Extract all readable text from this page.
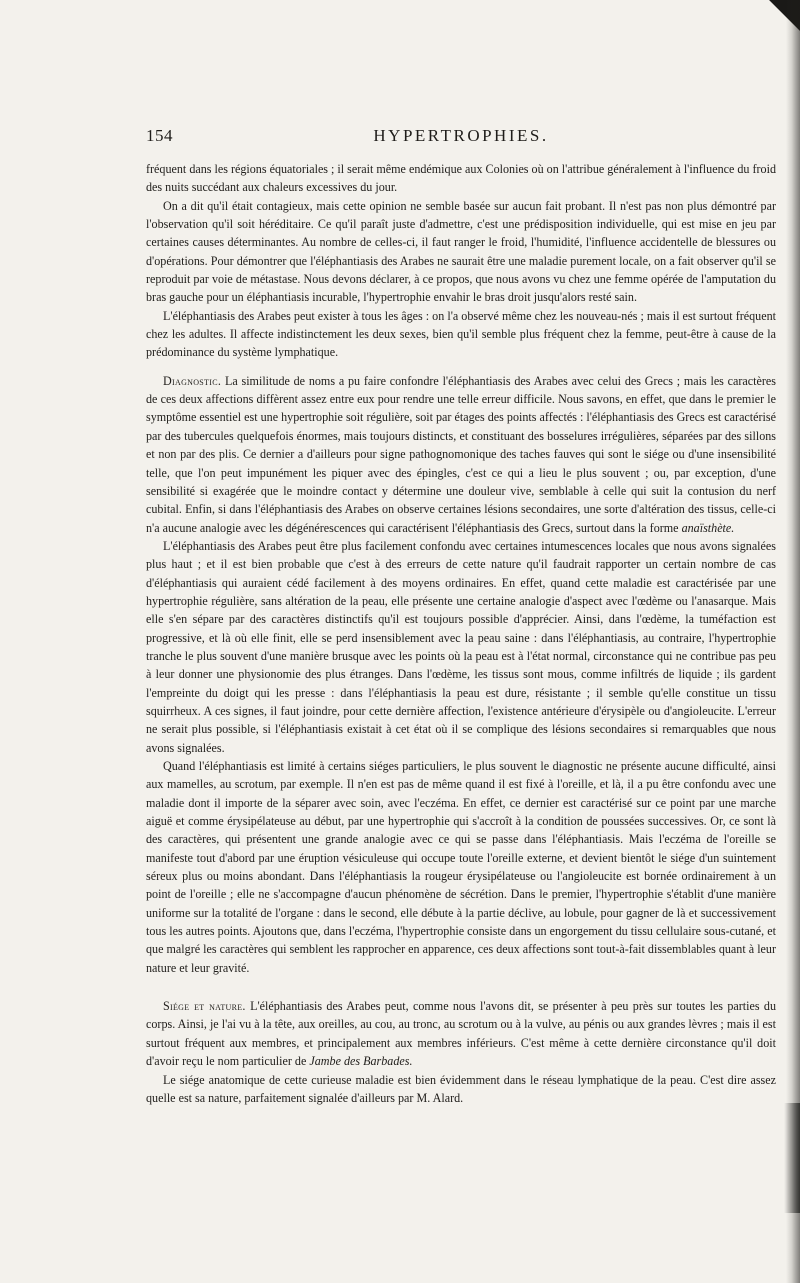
154	HYPERTROPHIES.

fréquent dans les régions équatoriales ; il serait même endémique aux Colonies où on l'attribue généralement à l'influence du froid des nuits succédant aux chaleurs excessives du jour.

On a dit qu'il était contagieux, mais cette opinion ne semble basée sur aucun fait probant. Il n'est pas non plus démontré par l'observation qu'il soit héréditaire. Ce qu'il paraît juste d'admettre, c'est une prédisposition individuelle, qui est mise en jeu par certaines causes déterminantes. Au nombre de celles-ci, il faut ranger le froid, l'humidité, l'influence accidentelle de blessures ou d'opérations. Pour démontrer que l'éléphantiasis des Arabes ne saurait être une maladie purement locale, on a fait observer qu'il se reproduit par voie de métastase. Nous devons déclarer, à ce propos, que nous avons vu chez une femme opérée de l'amputation du bras gauche pour un éléphantiasis incurable, l'hypertrophie envahir le bras droit jusqu'alors resté sain.

L'éléphantiasis des Arabes peut exister à tous les âges : on l'a observé même chez les nouveau-nés ; mais il est surtout fréquent chez les adultes. Il affecte indistinctement les deux sexes, bien qu'il semble plus fréquent chez la femme, peut-être à cause de la prédominance du système lymphatique.

Diagnostic. La similitude de noms a pu faire confondre l'éléphantiasis des Arabes avec celui des Grecs ; mais les caractères de ces deux affections diffèrent assez entre eux pour rendre une telle erreur difficile. Nous savons, en effet, que dans le premier le symptôme essentiel est une hypertrophie soit régulière, soit par étages des points affectés : l'éléphantiasis des Grecs est caractérisé par des tubercules quelquefois énormes, mais toujours distincts, et constituant des bosselures irrégulières, séparées par des sillons et non par des plis. Ce dernier a d'ailleurs pour signe pathognomonique des taches fauves qui sont le siége ou d'une insensibilité telle, que l'on peut impunément les piquer avec des épingles, c'est ce qui a lieu le plus souvent ; ou, par exception, d'une sensibilité si exagérée que le moindre contact y détermine une douleur vive, semblable à celle qui suit la contusion du nerf cubital. Enfin, si dans l'éléphantiasis des Arabes on observe certaines lésions secondaires, une sorte d'altération des tissus, celle-ci n'a aucune analogie avec les dégénérescences qui caractérisent l'éléphantiasis des Grecs, surtout dans la forme anaïsthète.

L'éléphantiasis des Arabes peut être plus facilement confondu avec certaines intumescences locales que nous avons signalées plus haut ; et il est bien probable que c'est à des erreurs de cette nature qu'il faudrait rapporter un certain nombre de cas d'éléphantiasis qui auraient cédé facilement à des moyens ordinaires. En effet, quand cette maladie est caractérisée par une hypertrophie régulière, sans altération de la peau, elle présente une certaine analogie d'aspect avec l'œdème ou l'anasarque. Mais elle s'en sépare par des caractères distinctifs qu'il est toujours possible d'apprécier. Ainsi, dans l'œdème, la tuméfaction est progressive, et là où elle finit, elle se perd insensiblement avec la peau saine : dans l'éléphantiasis, au contraire, l'hypertrophie tranche le plus souvent d'une manière brusque avec les points où la peau est à l'état normal, circonstance qui ne contribue pas peu à leur donner une physionomie des plus étranges. Dans l'œdème, les tissus sont mous, comme infiltrés de liquide ; ils gardent l'empreinte du doigt qui les presse : dans l'éléphantiasis la peau est dure, résistante ; il semble qu'elle constitue un tissu squirrheux. A ces signes, il faut joindre, pour cette dernière affection, l'existence antérieure d'érysipèle ou d'angioleucite. L'erreur ne serait plus possible, si l'éléphantiasis existait à cet état où il se complique des lésions secondaires si remarquables que nous avons signalées.

Quand l'éléphantiasis est limité à certains siéges particuliers, le plus souvent le diagnostic ne présente aucune difficulté, ainsi aux mamelles, au scrotum, par exemple. Il n'en est pas de même quand il est fixé à l'oreille, et là, il a pu être confondu avec une maladie dont il importe de la séparer avec soin, avec l'eczéma. En effet, ce dernier est caractérisé sur ce point par une marche aiguë et comme érysipélateuse au début, par une hypertrophie qui s'accroît à la condition de poussées successives. Or, ce sont là des caractères, qui présentent une grande analogie avec ce qui se passe dans l'éléphantiasis. Mais l'eczéma de l'oreille se manifeste tout d'abord par une éruption vésiculeuse qui occupe toute l'oreille externe, et devient bientôt le siége d'un suintement séreux plus ou moins abondant. Dans l'éléphantiasis la rougeur érysipélateuse ou l'angioleucite est bornée ordinairement à un point de l'oreille ; elle ne s'accompagne d'aucun phénomène de sécrétion. Dans le premier, l'hypertrophie s'établit d'une manière uniforme sur la totalité de l'organe : dans le second, elle débute à la partie déclive, au lobule, pour gagner de là et successivement tous les autres points. Ajoutons que, dans l'eczéma, l'hypertrophie consiste dans un engorgement du tissu cellulaire sous-cutané, et que malgré les caractères qui semblent les rapprocher en apparence, ces deux affections sont tout-à-fait dissemblables quant à leur nature et leur gravité.

Siége et nature. L'éléphantiasis des Arabes peut, comme nous l'avons dit, se présenter à peu près sur toutes les parties du corps. Ainsi, je l'ai vu à la tête, aux oreilles, au cou, au tronc, au scrotum ou à la vulve, au pénis ou aux grandes lèvres ; mais il est surtout fréquent aux membres, et principalement aux membres inférieurs. C'est même à cette dernière circonstance qu'il doit d'avoir reçu le nom particulier de Jambe des Barbades.

Le siége anatomique de cette curieuse maladie est bien évidemment dans le réseau lymphatique de la peau. C'est dire assez quelle est sa nature, parfaitement signalée d'ailleurs par M. Alard.
